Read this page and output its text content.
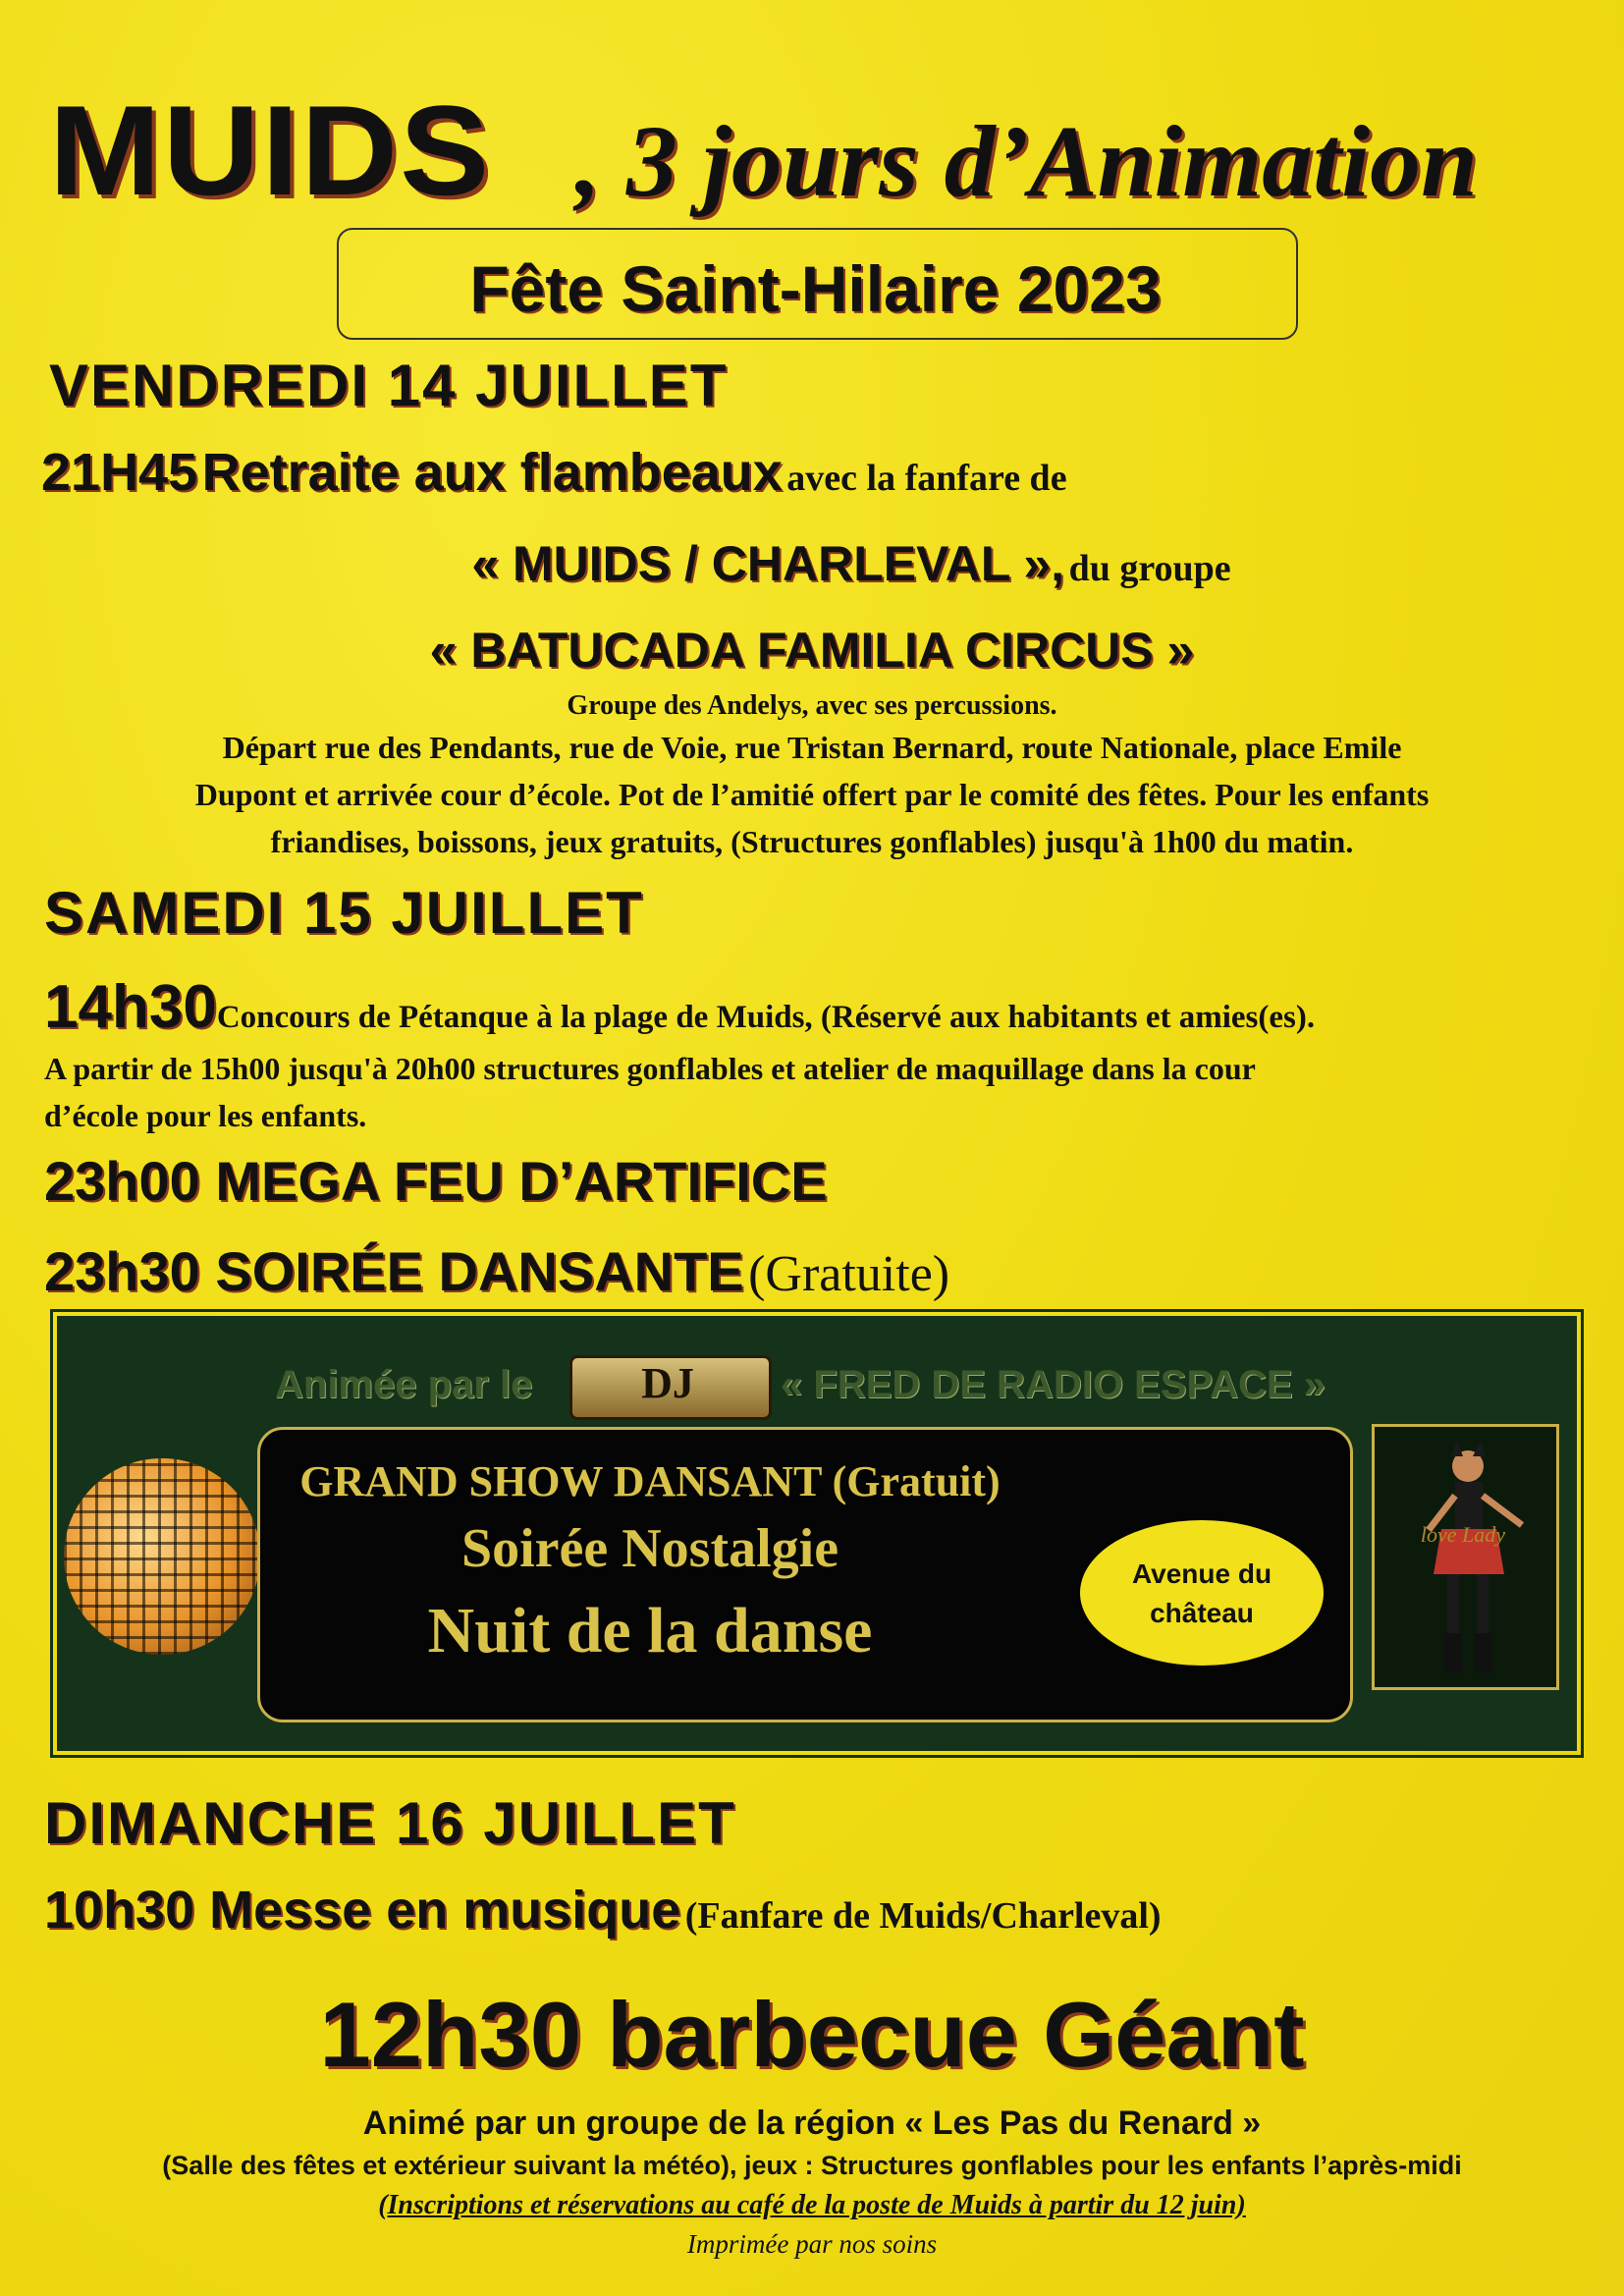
MUIDS , 3 jours d’Animation
Fête Saint-Hilaire 2023
VENDREDI 14 JUILLET
21H45 Retraite aux flambeaux avec la fanfare de
« MUIDS / CHARLEVAL », du groupe
« BATUCADA FAMILIA CIRCUS »
Groupe des Andelys, avec ses percussions.
Départ rue des Pendants, rue de Voie, rue Tristan Bernard, route Nationale, place Emile
Dupont et arrivée cour d’école. Pot de l’amitié offert par le comité des fêtes. Pour les enfants
friandises, boissons, jeux gratuits, (Structures gonflables) jusqu'à 1h00 du matin.
SAMEDI 15 JUILLET
14h30Concours de Pétanque à la plage de Muids, (Réservé aux habitants et amies(es).
A partir de 15h00 jusqu'à 20h00 structures gonflables et atelier de maquillage dans la cour
d’école pour les enfants.
23h00 MEGA FEU D’ARTIFICE
23h30 SOIRÉE DANSANTE (Gratuite)
Animée par le	DJ	« FRED DE RADIO ESPACE »
GRAND SHOW DANSANT (Gratuit)
Soirée Nostalgie
Nuit de la danse
Avenue du château
love Lady
DIMANCHE 16 JUILLET
10h30 Messe en musique (Fanfare de Muids/Charleval)
12h30 barbecue Géant
Animé par un groupe de la région « Les Pas du Renard »
(Salle des fêtes et extérieur suivant la météo), jeux : Structures gonflables pour les enfants l’après-midi
(Inscriptions et réservations au café de la poste de Muids à partir du 12 juin)
Imprimée par nos soins
